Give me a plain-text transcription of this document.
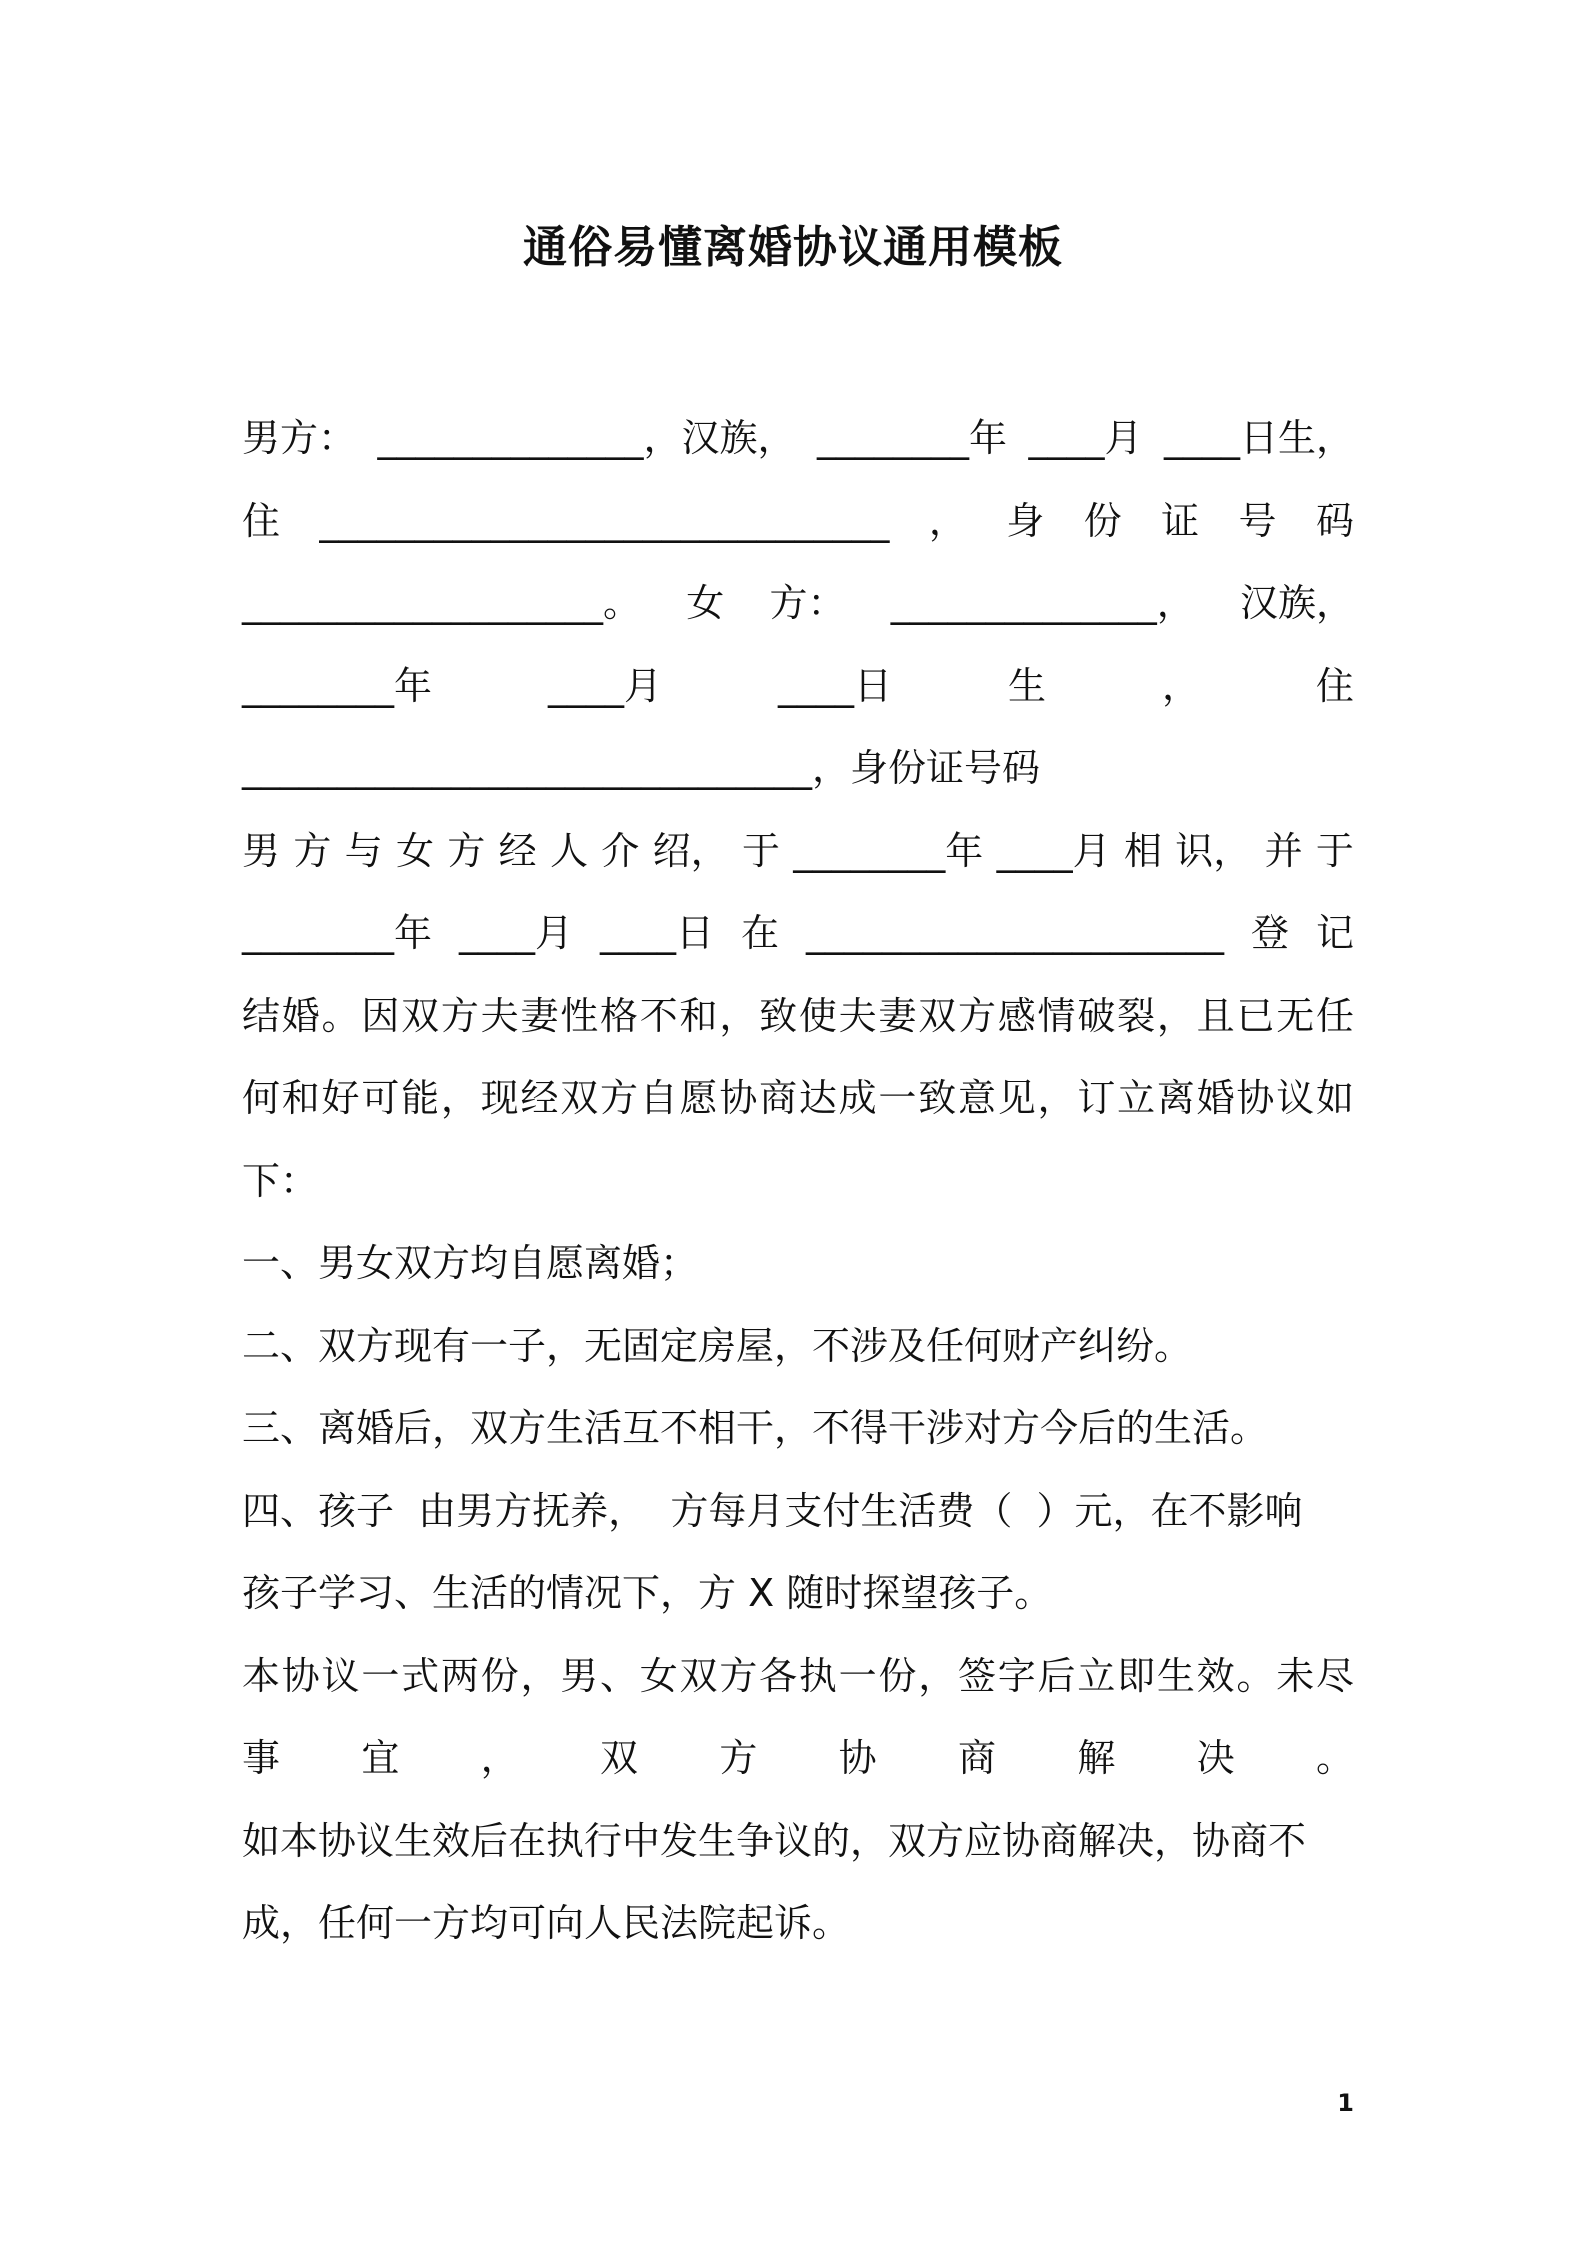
通俗易懂离婚协议通用模板
男方： ______________，汉族， ________年 ____月 ____日生，
住 ______________________________ ， 身 份 证 号 码
___________________。 女 方： ______________， 汉族，
________年	____月	____日	生	，	住
______________________________，身份证号码
男 方 与 女 方 经 人 介 绍， 于 ________年 ____月 相 识， 并 于
________年 ____月 ____日 在 ______________________ 登 记
结婚。因双方夫妻性格不和，致使夫妻双方感情破裂，且已无任
何和好可能，现经双方自愿协商达成一致意见，订立离婚协议如
下：
一、男女双方均自愿离婚；
二、双方现有一子，无固定房屋，不涉及任何财产纠纷。
三、离婚后，双方生活互不相干，不得干涉对方今后的生活。
四、孩子  由男方抚养，  方每月支付生活费（  ）元，在不影响
孩子学习、生活的情况下，方 X 随时探望孩子。
本协议一式两份，男、女双方各执一份，签字后立即生效。未尽
事宜，双方协商解决。
如本协议生效后在执行中发生争议的，双方应协商解决，协商不
成，任何一方均可向人民法院起诉。
1
